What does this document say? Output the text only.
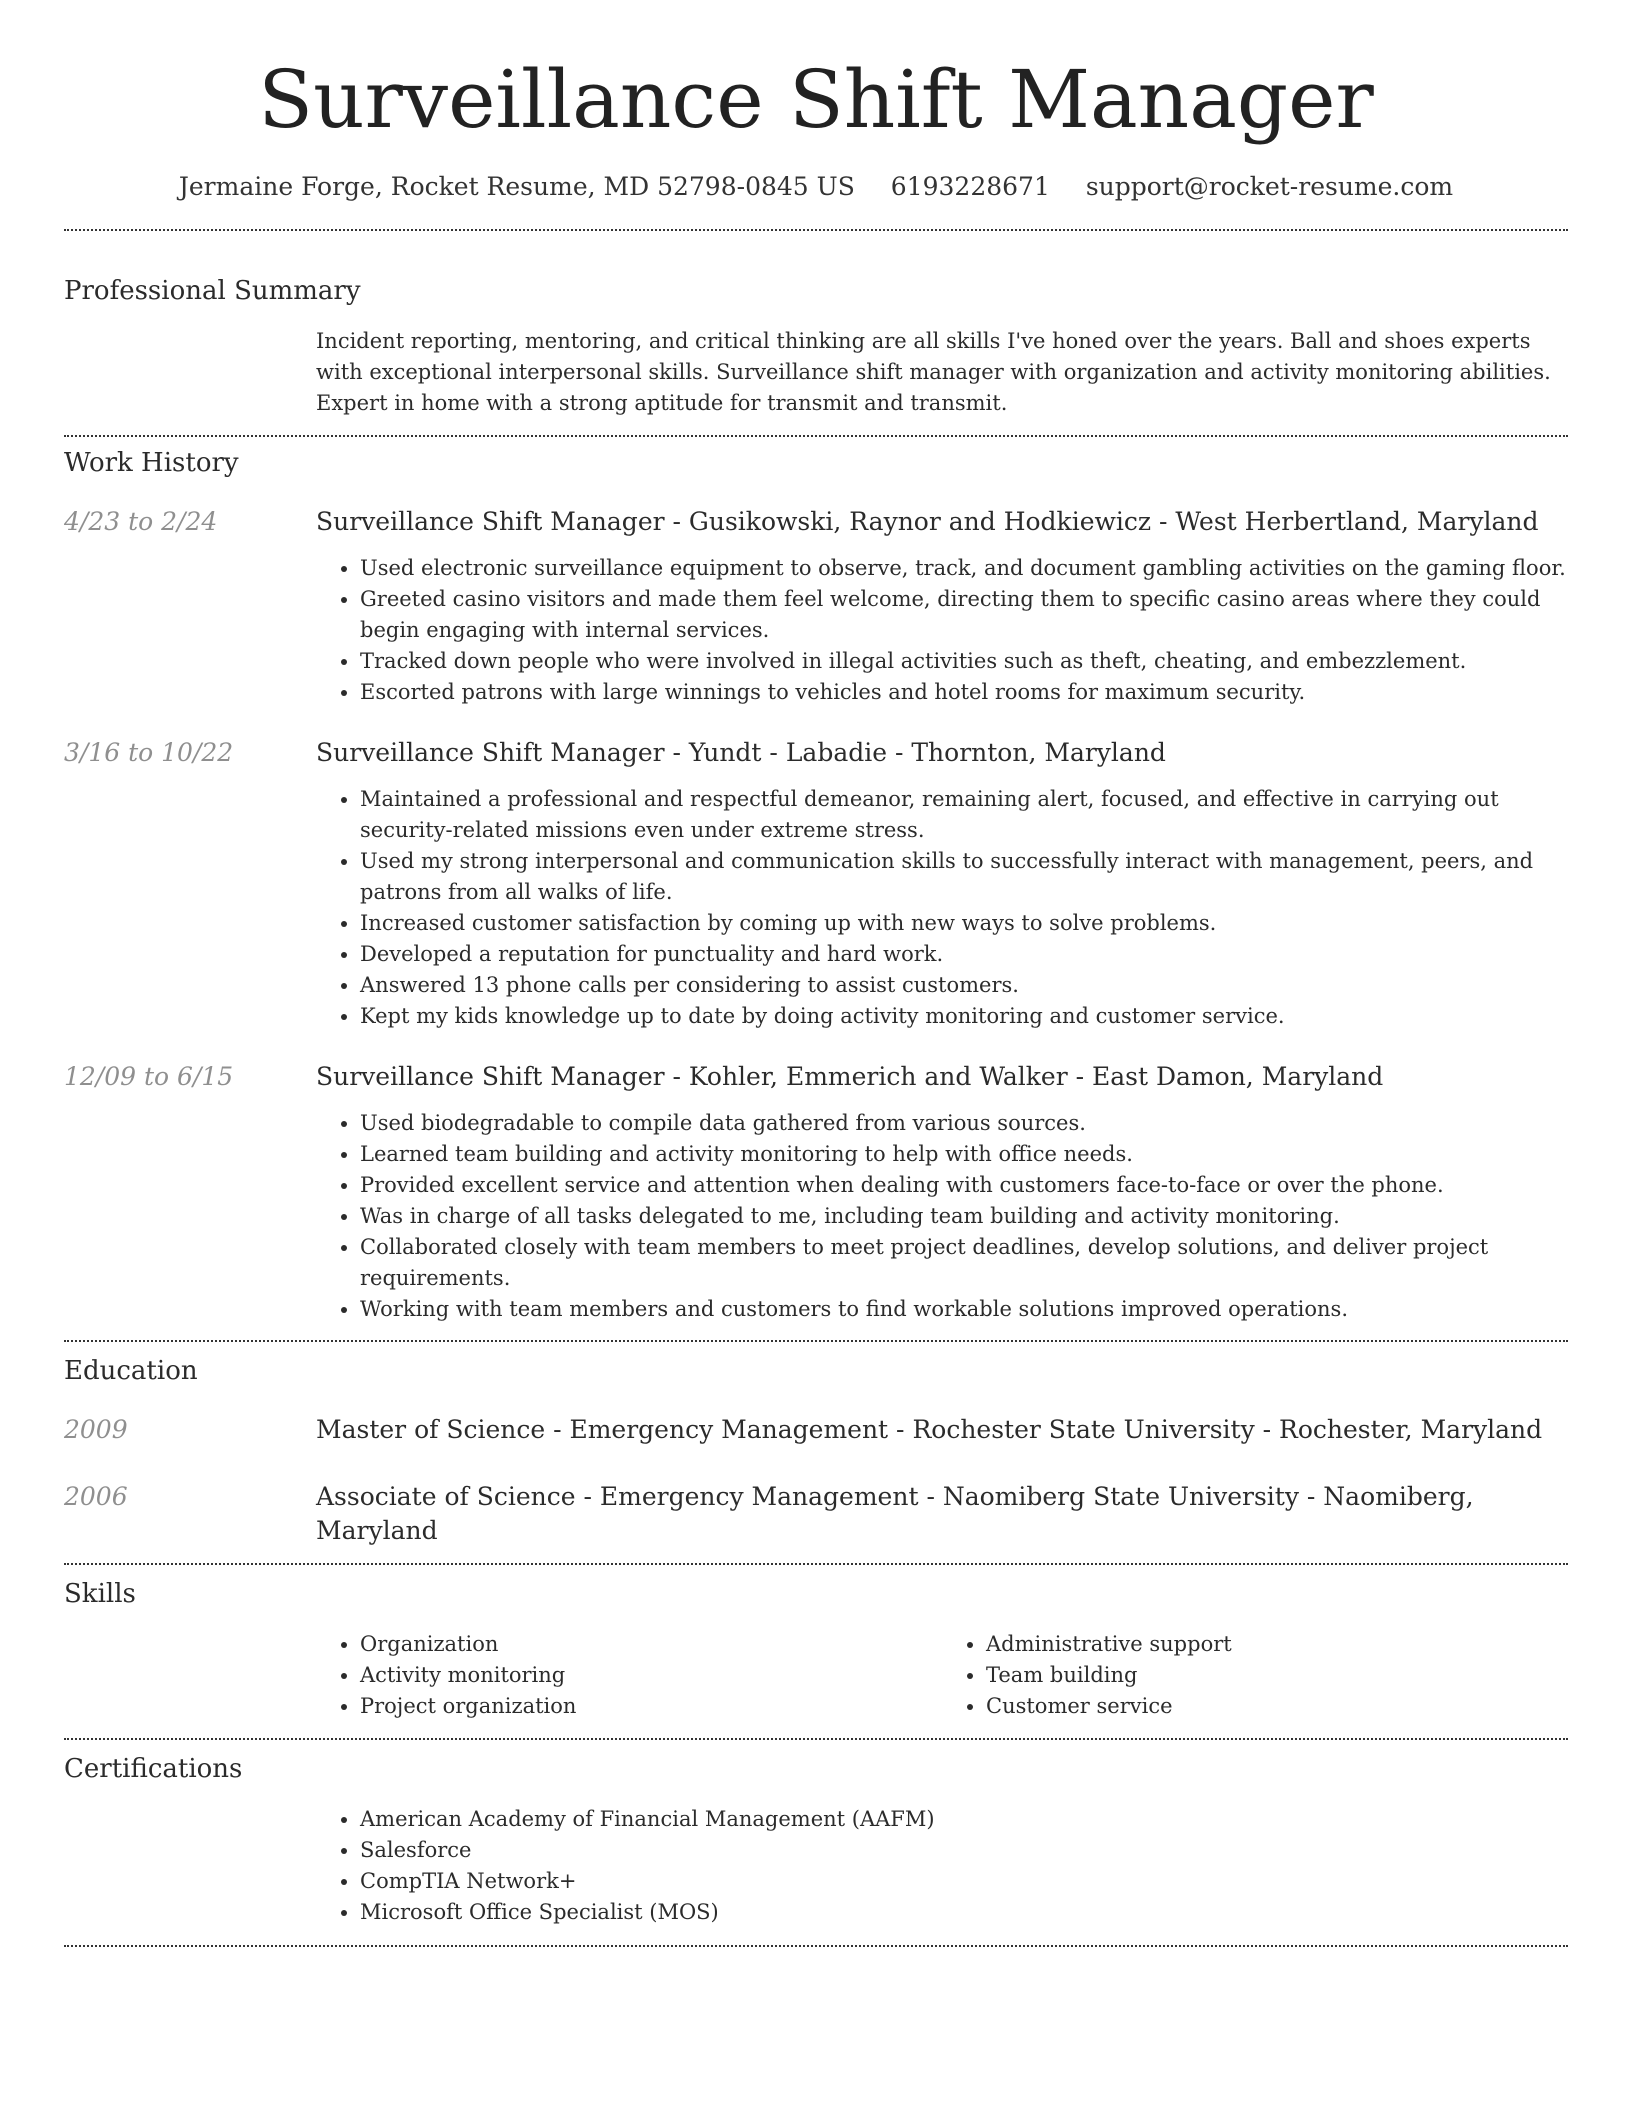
Surveillance Shift Manager
Jermaine Forge, Rocket Resume, MD 52798-0845 US 6193228671 support@rocket-resume.com
Professional Summary

Incident reporting, mentoring, and critical thinking are all skills I've honed over the years. Ball and shoes experts with exceptional interpersonal skills. Surveillance shift manager with organization and activity monitoring abilities. Expert in home with a strong aptitude for transmit and transmit.

Work History
4/23 to 2/24	Surveillance Shift Manager - Gusikowski, Raynor and Hodkiewicz - West Herbertland, Maryland
• Used electronic surveillance equipment to observe, track, and document gambling activities on the gaming floor.
• Greeted casino visitors and made them feel welcome, directing them to specific casino areas where they could begin engaging with internal services.
• Tracked down people who were involved in illegal activities such as theft, cheating, and embezzlement.
• Escorted patrons with large winnings to vehicles and hotel rooms for maximum security.
3/16 to 10/22	Surveillance Shift Manager - Yundt - Labadie - Thornton, Maryland
• Maintained a professional and respectful demeanor, remaining alert, focused, and effective in carrying out security-related missions even under extreme stress.
• Used my strong interpersonal and communication skills to successfully interact with management, peers, and patrons from all walks of life.
• Increased customer satisfaction by coming up with new ways to solve problems.
• Developed a reputation for punctuality and hard work.
• Answered 13 phone calls per considering to assist customers.
• Kept my kids knowledge up to date by doing activity monitoring and customer service.
12/09 to 6/15	Surveillance Shift Manager - Kohler, Emmerich and Walker - East Damon, Maryland
• Used biodegradable to compile data gathered from various sources.
• Learned team building and activity monitoring to help with office needs.
• Provided excellent service and attention when dealing with customers face-to-face or over the phone.
• Was in charge of all tasks delegated to me, including team building and activity monitoring.
• Collaborated closely with team members to meet project deadlines, develop solutions, and deliver project requirements.
• Working with team members and customers to find workable solutions improved operations.
Education
2009	Master of Science - Emergency Management - Rochester State University - Rochester, Maryland
2006	Associate of Science - Emergency Management - Naomiberg State University - Naomiberg, Maryland
Skills
• Organization
• Activity monitoring
• Project organization
• Administrative support
• Team building
• Customer service
Certifications
• American Academy of Financial Management (AAFM)
• Salesforce
• CompTIA Network+
• Microsoft Office Specialist (MOS)
